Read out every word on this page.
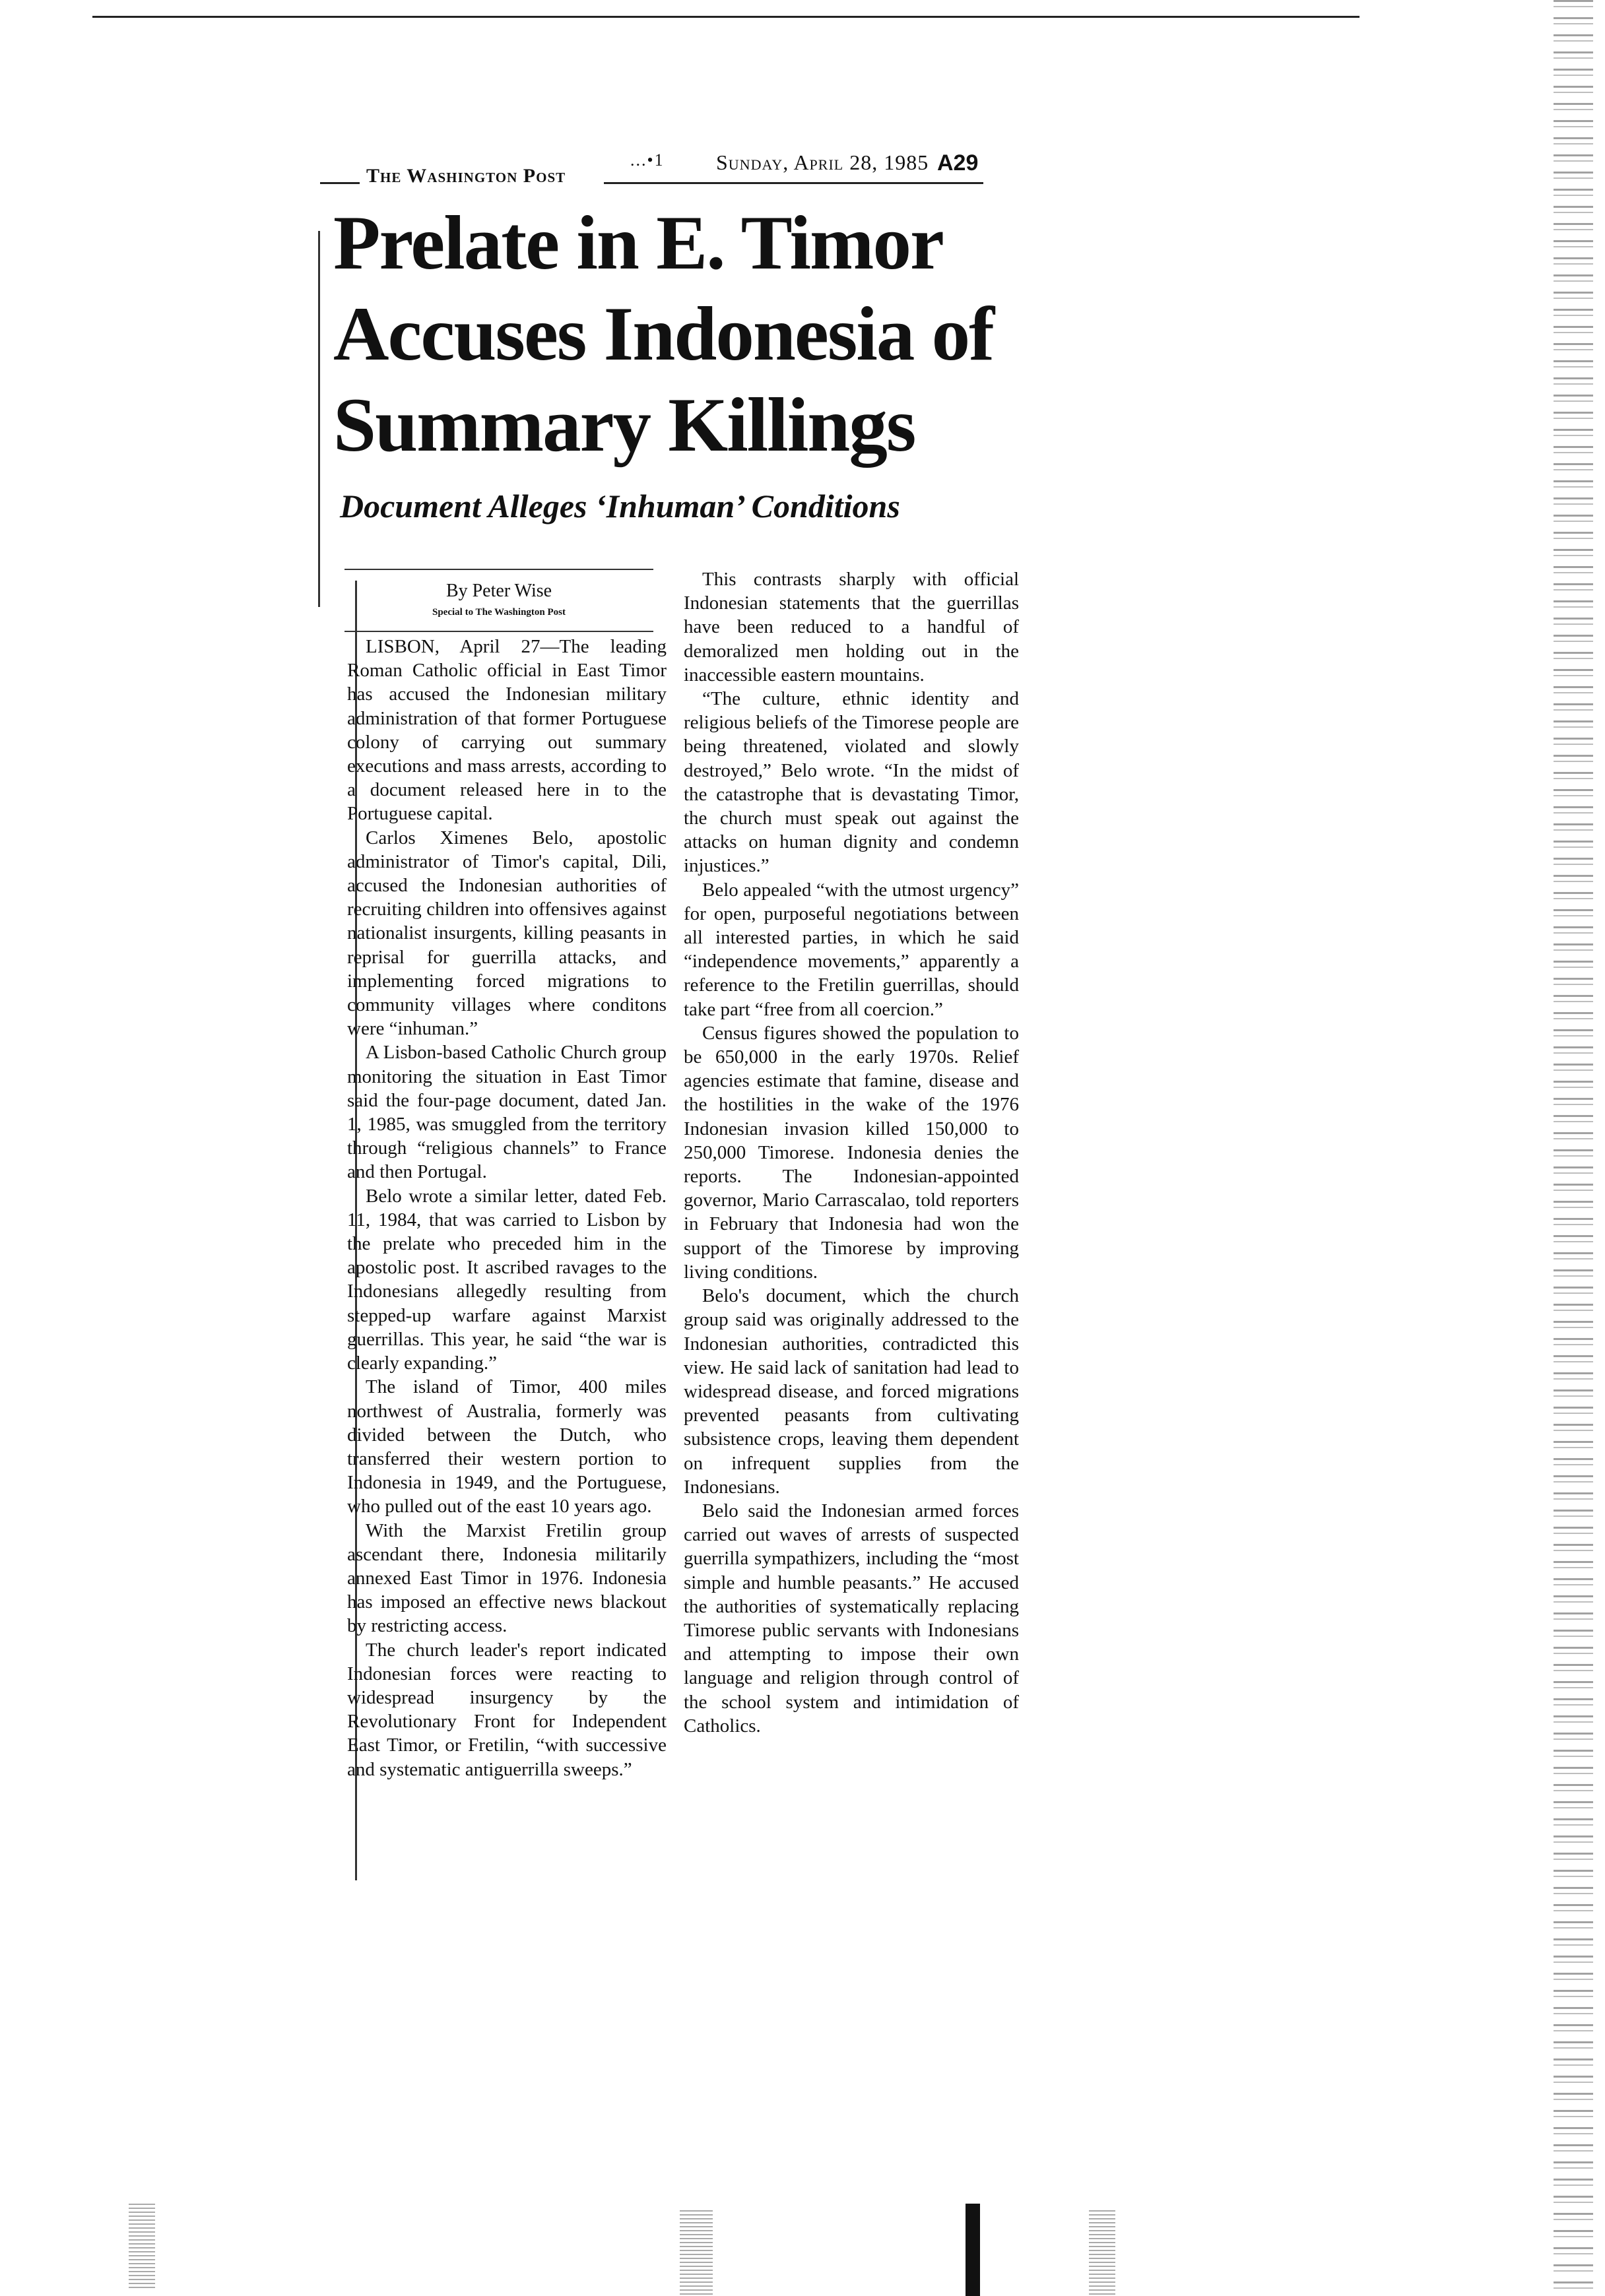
The Washington Post
...•1 Sunday, April 28, 1985 A29
Prelate in E. Timor
Accuses Indonesia of
Summary Killings
Document Alleges ‘Inhuman’ Conditions
By Peter Wise
Special to The Washington Post

LISBON, April 27—The leading Roman Catholic official in East Timor has accused the Indonesian military administration of that former Portuguese colony of carrying out summary executions and mass arrests, according to a document released here in to the Portuguese capital.

Carlos Ximenes Belo, apostolic administrator of Timor's capital, Dili, accused the Indonesian authorities of recruiting children into offensives against nationalist insurgents, killing peasants in reprisal for guerrilla attacks, and implementing forced migrations to community villages where conditons were “inhuman.”

A Lisbon-based Catholic Church group monitoring the situation in East Timor said the four-page document, dated Jan. 1, 1985, was smuggled from the territory through “religious channels” to France and then Portugal.

Belo wrote a similar letter, dated Feb. 11, 1984, that was carried to Lisbon by the prelate who preceded him in the apostolic post. It ascribed ravages to the Indonesians allegedly resulting from stepped-up warfare against Marxist guerrillas. This year, he said “the war is clearly expanding.”

The island of Timor, 400 miles northwest of Australia, formerly was divided between the Dutch, who transferred their western portion to Indonesia in 1949, and the Portuguese, who pulled out of the east 10 years ago.

With the Marxist Fretilin group ascendant there, Indonesia militarily annexed East Timor in 1976. Indonesia has imposed an effective news blackout by restricting access.

The church leader's report indicated Indonesian forces were reacting to widespread insurgency by the Revolutionary Front for Independent East Timor, or Fretilin, “with successive and systematic antiguerrilla sweeps.”

This contrasts sharply with official Indonesian statements that the guerrillas have been reduced to a handful of demoralized men holding out in the inaccessible eastern mountains.

“The culture, ethnic identity and religious beliefs of the Timorese people are being threatened, violated and slowly destroyed,” Belo wrote. “In the midst of the catastrophe that is devastating Timor, the church must speak out against the attacks on human dignity and condemn injustices.”

Belo appealed “with the utmost urgency” for open, purposeful negotiations between all interested parties, in which he said “independence movements,” apparently a reference to the Fretilin guerrillas, should take part “free from all coercion.”

Census figures showed the population to be 650,000 in the early 1970s. Relief agencies estimate that famine, disease and the hostilities in the wake of the 1976 Indonesian invasion killed 150,000 to 250,000 Timorese. Indonesia denies the reports. The Indonesian-appointed governor, Mario Carrascalao, told reporters in February that Indonesia had won the support of the Timorese by improving living conditions.

Belo's document, which the church group said was originally addressed to the Indonesian authorities, contradicted this view. He said lack of sanitation had lead to widespread disease, and forced migrations prevented peasants from cultivating subsistence crops, leaving them dependent on infrequent supplies from the Indonesians.

Belo said the Indonesian armed forces carried out waves of arrests of suspected guerrilla sympathizers, including the “most simple and humble peasants.” He accused the authorities of systematically replacing Timorese public servants with Indonesians and attempting to impose their own language and religion through control of the school system and intimidation of Catholics.
